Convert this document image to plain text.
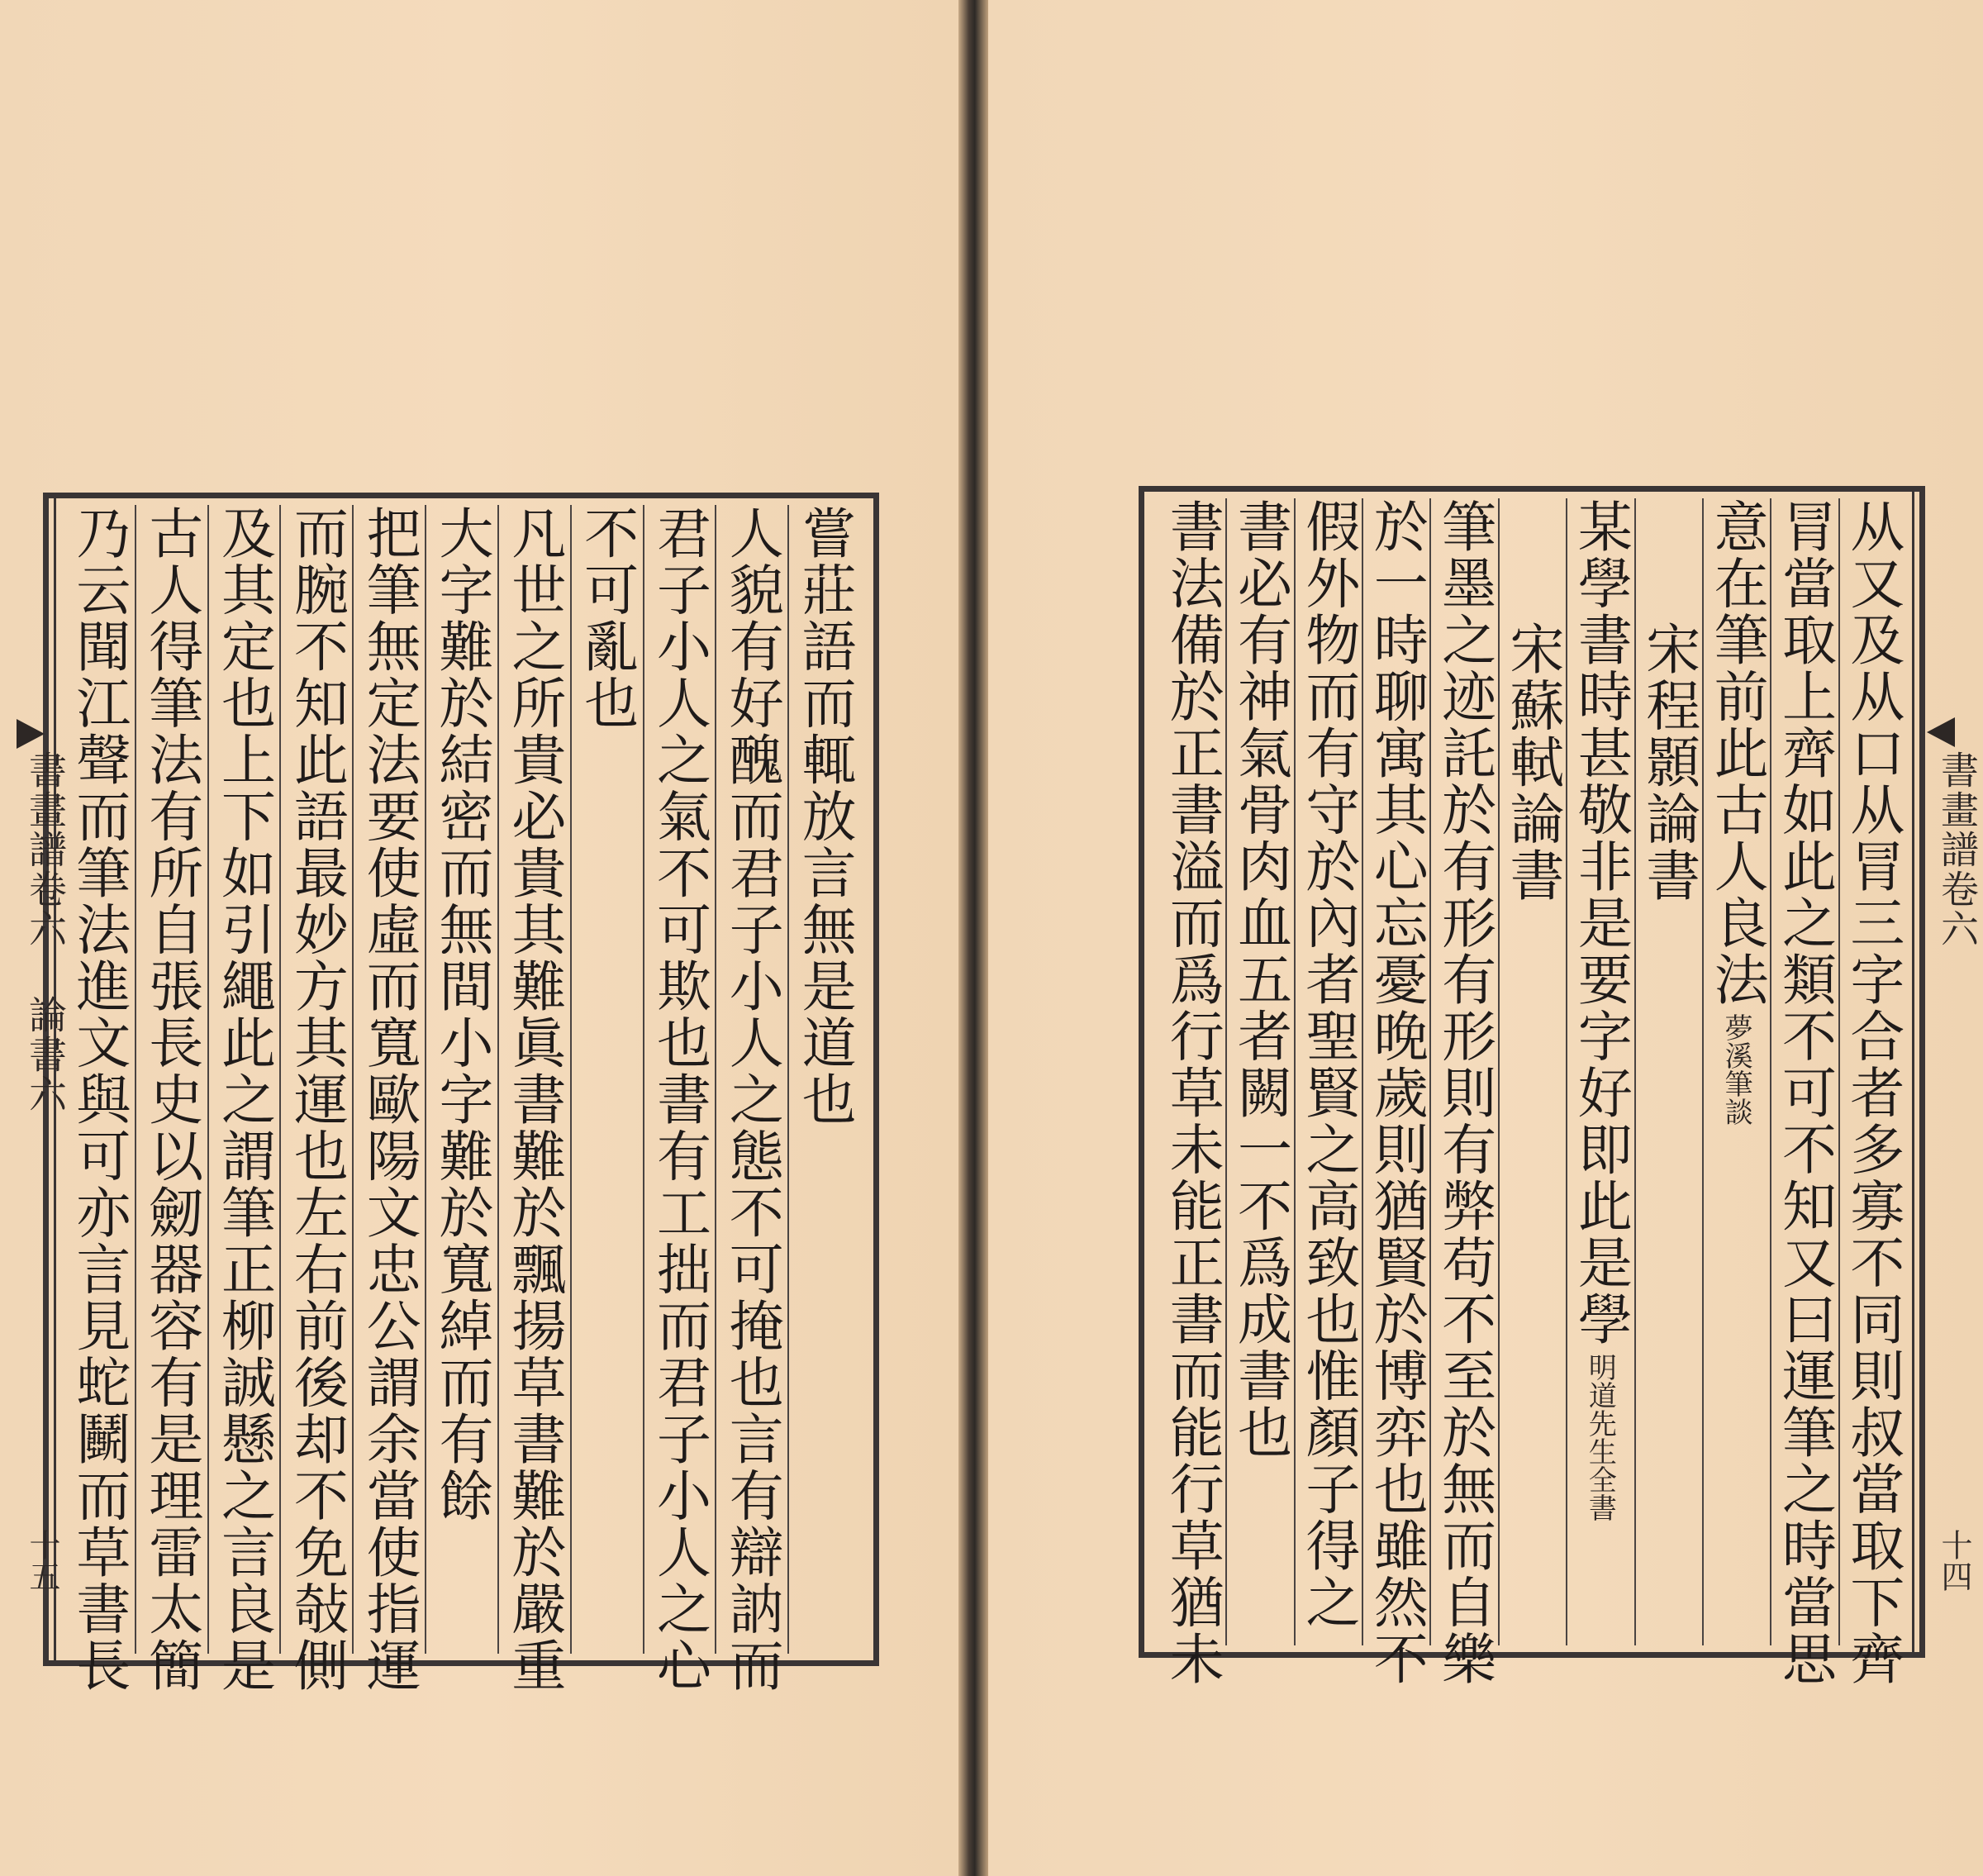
嘗莊語而輒放言無是道也
人貌有好醜而君子小人之態不可掩也言有辯訥而
君子小人之氣不可欺也書有工拙而君子小人之心
不可亂也
凡世之所貴必貴其難眞書難於飄揚草書難於嚴重
大字難於結密而無間小字難於寬綽而有餘
把筆無定法要使虛而寬歐陽文忠公謂余當使指運
而腕不知此語最妙方其運也左右前後却不免敧側
及其定也上下如引繩此之謂筆正柳誠懸之言良是
古人得筆法有所自張長史以劒器容有是理雷太簡
乃云聞江聲而筆法進文與可亦言見蛇鬭而草書長	从又及从口从冐三字合者多寡不同則叔當取下齊
冐當取上齊如此之類不可不知又曰運筆之時當思
意在筆前此古人良法
夢溪筆談
宋程顥論書
某學書時甚敬非是要字好即此是學
明道先生全書
宋蘇軾論書
筆墨之迹託於有形有形則有弊苟不至於無而自樂
於一時聊寓其心忘憂晚歲則猶賢於博弈也雖然不
假外物而有守於內者聖賢之高致也惟顏子得之
書必有神氣骨肉血五者闕一不爲成書也
書法備於正書溢而爲行草未能正書而能行草猶未
書畫譜卷六 論書六
十五
書畫譜卷六
十四
